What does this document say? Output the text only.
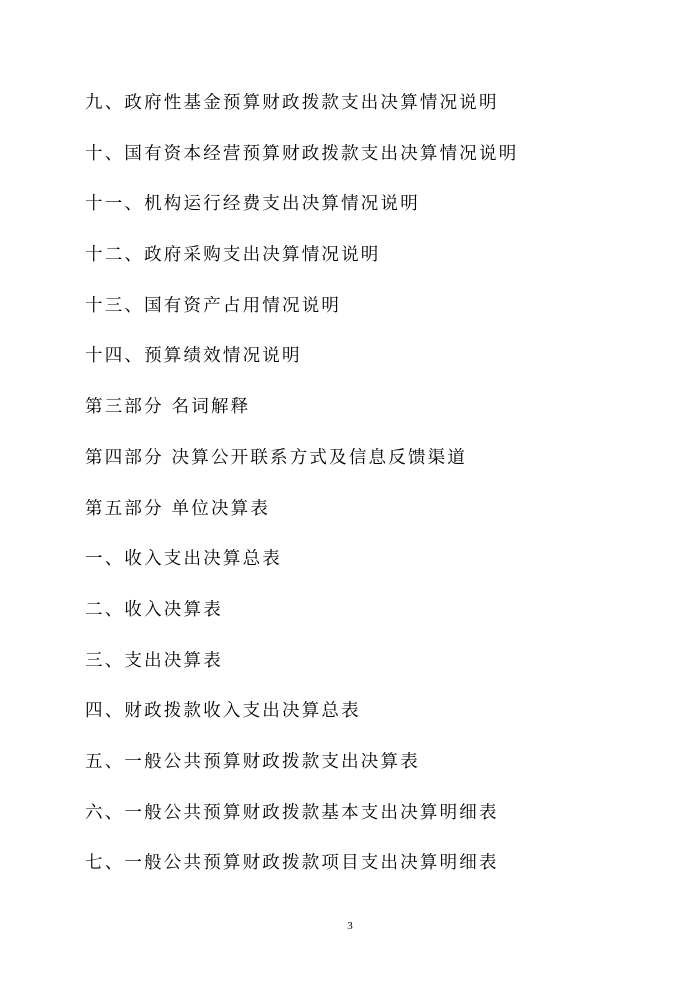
九、政府性基金预算财政拨款支出决算情况说明
十、国有资本经营预算财政拨款支出决算情况说明
十一、机构运行经费支出决算情况说明
十二、政府采购支出决算情况说明
十三、国有资产占用情况说明
十四、预算绩效情况说明
第三部分 名词解释
第四部分 决算公开联系方式及信息反馈渠道
第五部分 单位决算表
一、收入支出决算总表
二、收入决算表
三、支出决算表
四、财政拨款收入支出决算总表
五、一般公共预算财政拨款支出决算表
六、一般公共预算财政拨款基本支出决算明细表
七、一般公共预算财政拨款项目支出决算明细表
3
